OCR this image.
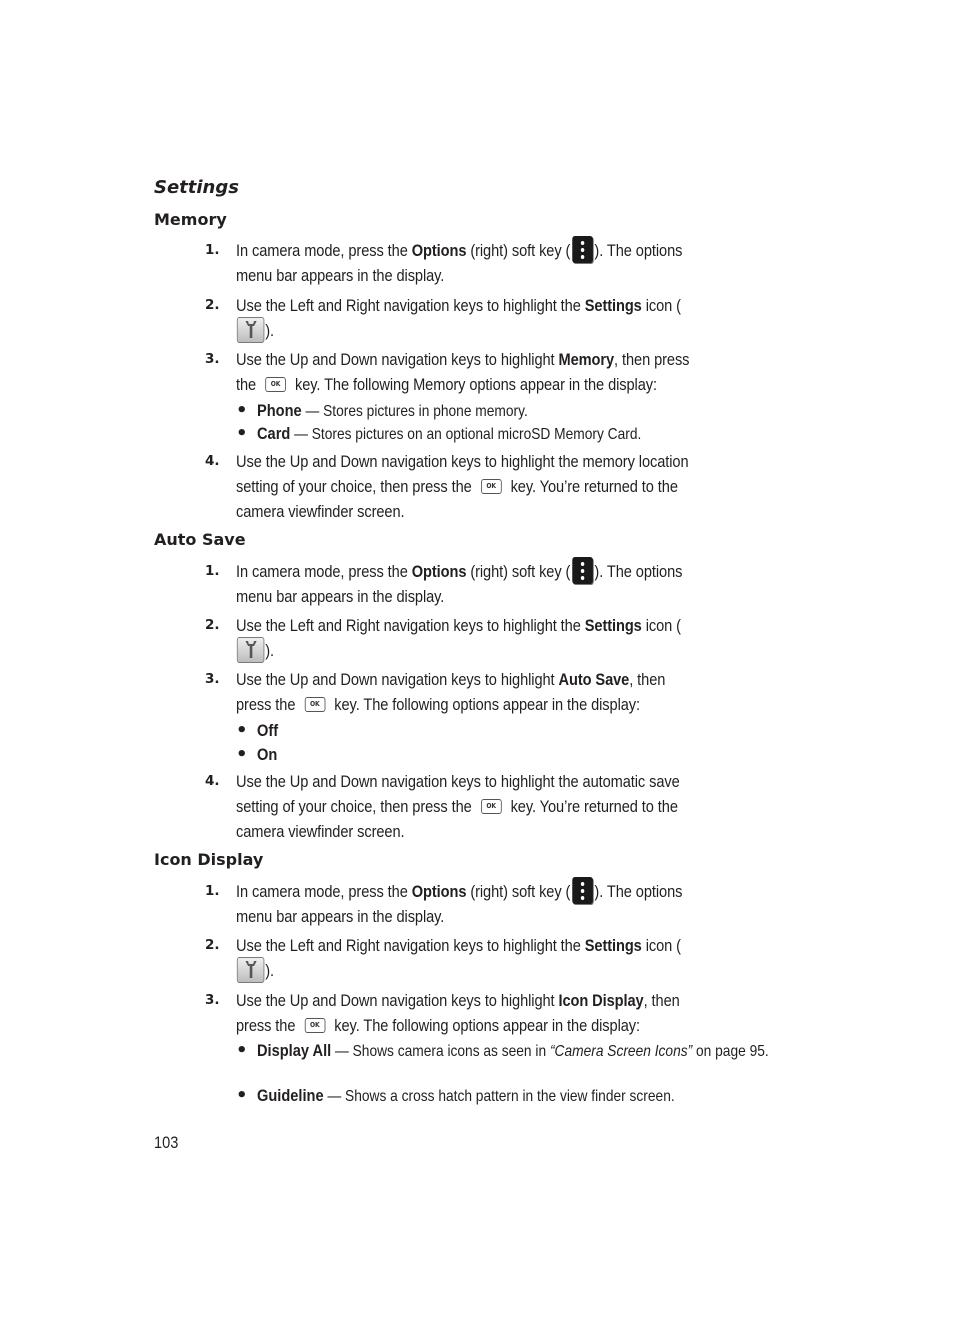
Settings
Memory
1. In camera mode, press the Options (right) soft key ( ). The options menu bar appears in the display.
2. Use the Left and Right navigation keys to highlight the Settings icon (
).
3. Use the Up and Down navigation keys to highlight Memory, then press the OK key. The following Memory options appear in the display:
• Phone — Stores pictures in phone memory.
• Card — Stores pictures on an optional microSD Memory Card.
4. Use the Up and Down navigation keys to highlight the memory location setting of your choice, then press the OK key. You’re returned to the camera viewfinder screen.
Auto Save
1. In camera mode, press the Options (right) soft key ( ). The options menu bar appears in the display.
2. Use the Left and Right navigation keys to highlight the Settings icon (
).
3. Use the Up and Down navigation keys to highlight Auto Save, then press the OK key. The following options appear in the display:
• Off
• On
4. Use the Up and Down navigation keys to highlight the automatic save setting of your choice, then press the OK key. You’re returned to the camera viewfinder screen.
Icon Display
1. In camera mode, press the Options (right) soft key ( ). The options menu bar appears in the display.
2. Use the Left and Right navigation keys to highlight the Settings icon (
).
3. Use the Up and Down navigation keys to highlight Icon Display, then press the OK key. The following options appear in the display:
• Display All — Shows camera icons as seen in “Camera Screen Icons” on page 95.
• Guideline — Shows a cross hatch pattern in the view finder screen.
103
